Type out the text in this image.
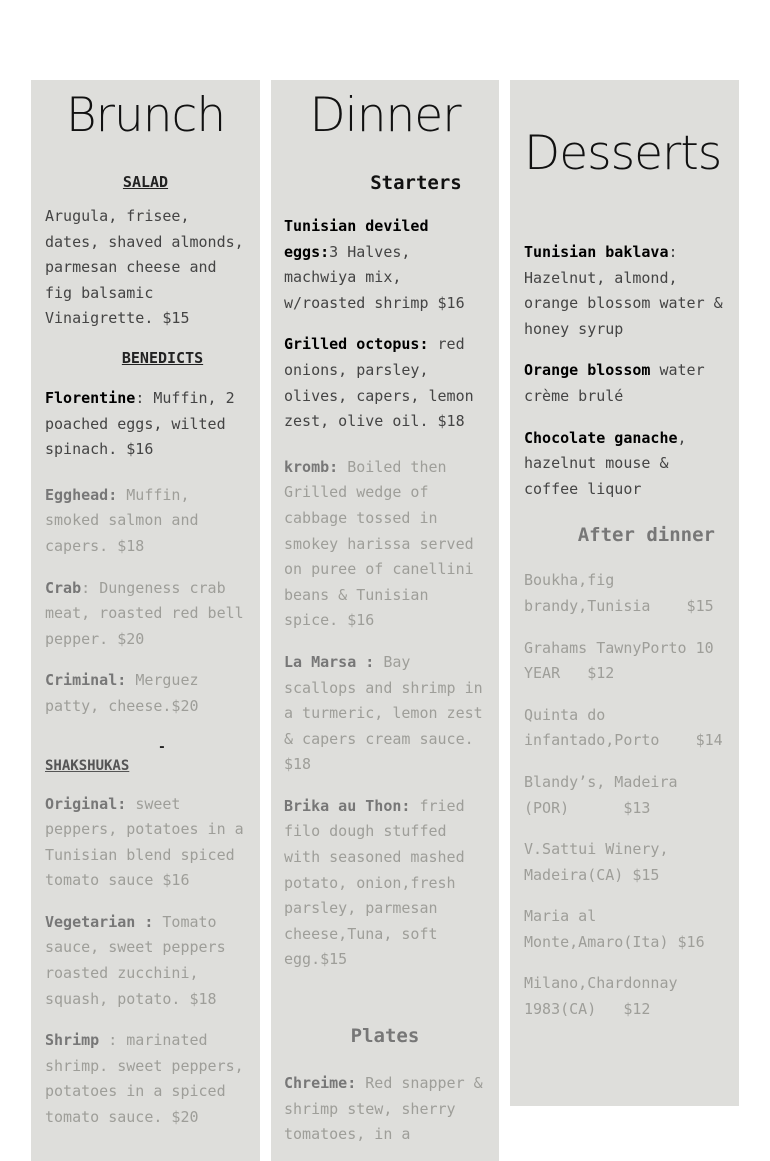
Brunch
SALAD

Arugula, frisee, dates, shaved almonds, parmesan cheese and fig balsamic Vinaigrette. $15

BENEDICTS

Florentine: Muffin, 2 poached eggs, wilted spinach. $16

Egghead: Muffin, smoked salmon and capers. $18

Crab: Dungeness crab meat, roasted red bell pepper. $20

Criminal: Merguez patty, cheese.$20

-
SHAKSHUKAS

Original: sweet peppers, potatoes in a Tunisian blend spiced tomato sauce $16

Vegetarian : Tomato sauce, sweet peppers roasted zucchini, squash, potato. $18

Shrimp : marinated shrimp. sweet peppers, potatoes in a spiced tomato sauce. $20

Dinner
Starters

Tunisian deviled eggs:3 Halves, machwiya mix, w/roasted shrimp $16

Grilled octopus: red onions, parsley, olives, capers, lemon zest, olive oil. $18

kromb: Boiled then Grilled wedge of cabbage tossed in smokey harissa served on puree of canellini beans & Tunisian spice. $16

La Marsa : Bay scallops and shrimp in a turmeric, lemon zest & capers cream sauce. $18

Brika au Thon: fried filo dough stuffed with seasoned mashed potato, onion,fresh parsley, parmesan cheese,Tuna, soft egg.$15

Plates

Chreime: Red snapper & shrimp stew, sherry tomatoes, in a

Desserts

Tunisian baklava: Hazelnut, almond, orange blossom water & honey syrup

Orange blossom water crème brulé

Chocolate ganache, hazelnut mouse & coffee liquor

After dinner

Boukha,fig brandy,Tunisia    $15

Grahams TawnyPorto 10 YEAR   $12

Quinta do infantado,Porto    $14

Blandy’s, Madeira (POR)      $13

V.Sattui Winery, Madeira(CA) $15

Maria al Monte,Amaro(Ita) $16

Milano,Chardonnay 1983(CA)   $12
